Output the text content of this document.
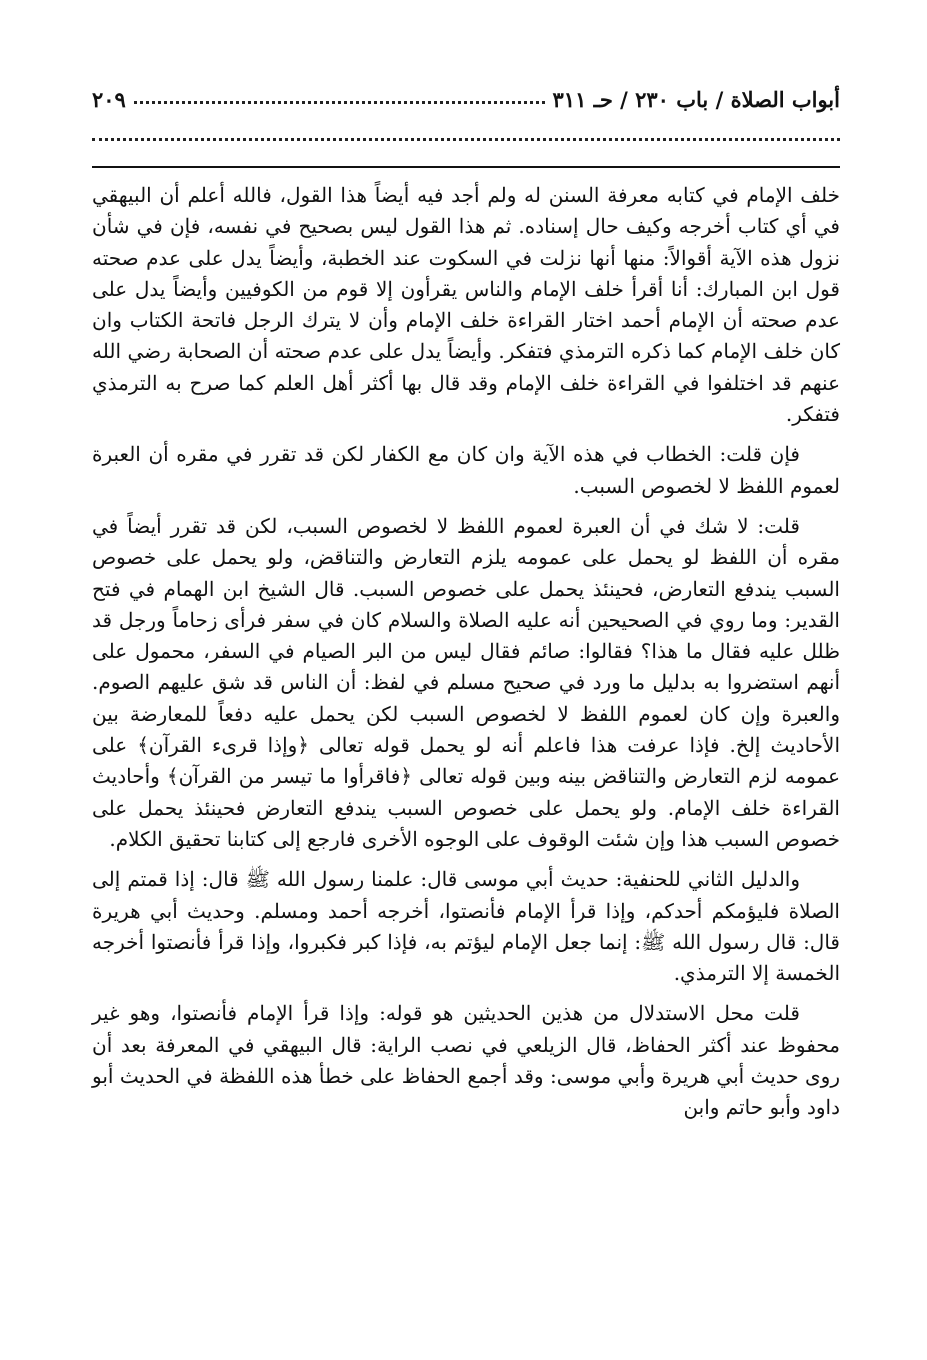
أبواب الصلاة / باب ٢٣٠ / حـ ٣١١
٢٠٩

خلف الإمام في كتابه معرفة السنن له ولم أجد فيه أيضاً هذا القول، فالله أعلم أن البيهقي في أي كتاب أخرجه وكيف حال إسناده. ثم هذا القول ليس بصحيح في نفسه، فإن في شأن نزول هذه الآية أقوالاً: منها أنها نزلت في السكوت عند الخطبة، وأيضاً يدل على عدم صحته قول ابن المبارك: أنا أقرأ خلف الإمام والناس يقرأون إلا قوم من الكوفيين وأيضاً يدل على عدم صحته أن الإمام أحمد اختار القراءة خلف الإمام وأن لا يترك الرجل فاتحة الكتاب وان كان خلف الإمام كما ذكره الترمذي فتفكر. وأيضاً يدل على عدم صحته أن الصحابة رضي الله عنهم قد اختلفوا في القراءة خلف الإمام وقد قال بها أكثر أهل العلم كما صرح به الترمذي فتفكر.

فإن قلت: الخطاب في هذه الآية وان كان مع الكفار لكن قد تقرر في مقره أن العبرة لعموم اللفظ لا لخصوص السبب.

قلت: لا شك في أن العبرة لعموم اللفظ لا لخصوص السبب، لكن قد تقرر أيضاً في مقره أن اللفظ لو يحمل على عمومه يلزم التعارض والتناقض، ولو يحمل على خصوص السبب يندفع التعارض، فحينئذ يحمل على خصوص السبب. قال الشيخ ابن الهمام في فتح القدير: وما روي في الصحيحين أنه عليه الصلاة والسلام كان في سفر فرأى زحاماً ورجل قد ظلل عليه فقال ما هذا؟ فقالوا: صائم فقال ليس من البر الصيام في السفر، محمول على أنهم استضروا به بدليل ما ورد في صحيح مسلم في لفظ: أن الناس قد شق عليهم الصوم. والعبرة وإن كان لعموم اللفظ لا لخصوص السبب لكن يحمل عليه دفعاً للمعارضة بين الأحاديث إلخ. فإذا عرفت هذا فاعلم أنه لو يحمل قوله تعالى ﴿وإذا قرىء القرآن﴾ على عمومه لزم التعارض والتناقض بينه وبين قوله تعالى ﴿فاقرأوا ما تيسر من القرآن﴾ وأحاديث القراءة خلف الإمام. ولو يحمل على خصوص السبب يندفع التعارض فحينئذ يحمل على خصوص السبب هذا وإن شئت الوقوف على الوجوه الأخرى فارجع إلى كتابنا تحقيق الكلام.

والدليل الثاني للحنفية: حديث أبي موسى قال: علمنا رسول الله ﷺ قال: إذا قمتم إلى الصلاة فليؤمكم أحدكم، وإذا قرأ الإمام فأنصتوا، أخرجه أحمد ومسلم. وحديث أبي هريرة قال: قال رسول الله ﷺ: إنما جعل الإمام ليؤتم به، فإذا كبر فكبروا، وإذا قرأ فأنصتوا أخرجه الخمسة إلا الترمذي.

قلت محل الاستدلال من هذين الحديثين هو قوله: وإذا قرأ الإمام فأنصتوا، وهو غير محفوظ عند أكثر الحفاظ، قال الزيلعي في نصب الراية: قال البيهقي في المعرفة بعد أن روى حديث أبي هريرة وأبي موسى: وقد أجمع الحفاظ على خطأ هذه اللفظة في الحديث أبو داود وأبو حاتم وابن
